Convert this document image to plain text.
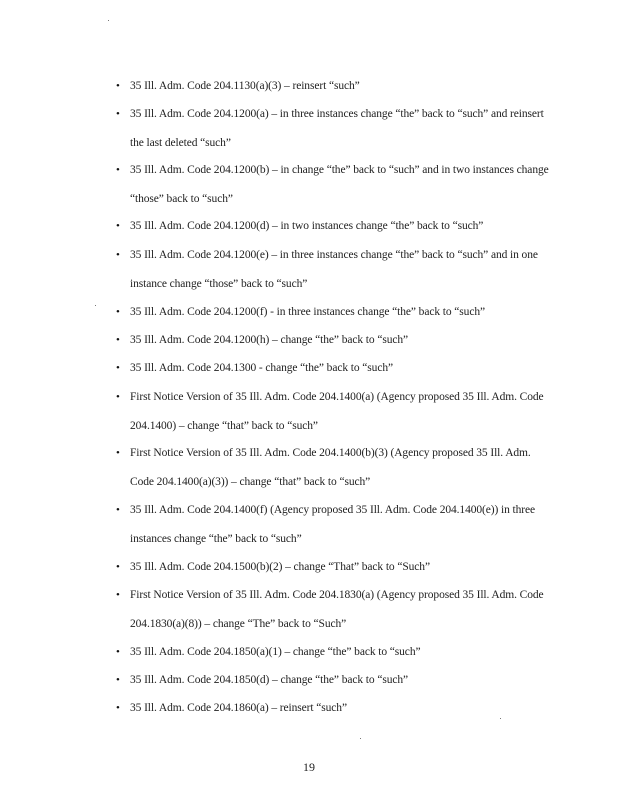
• 35 Ill. Adm. Code 204.1130(a)(3) – reinsert “such”
• 35 Ill. Adm. Code 204.1200(a) – in three instances change “the” back to “such” and reinsert the last deleted “such”
• 35 Ill. Adm. Code 204.1200(b) – in change “the” back to “such” and in two instances change “those” back to “such”
• 35 Ill. Adm. Code 204.1200(d) – in two instances change “the” back to “such”
• 35 Ill. Adm. Code 204.1200(e) – in three instances change “the” back to “such” and in one instance change “those” back to “such”
• 35 Ill. Adm. Code 204.1200(f) - in three instances change “the” back to “such”
• 35 Ill. Adm. Code 204.1200(h) – change “the” back to “such”
• 35 Ill. Adm. Code 204.1300 - change “the” back to “such”
• First Notice Version of 35 Ill. Adm. Code 204.1400(a) (Agency proposed 35 Ill. Adm. Code 204.1400) – change “that” back to “such”
• First Notice Version of 35 Ill. Adm. Code 204.1400(b)(3) (Agency proposed 35 Ill. Adm. Code 204.1400(a)(3)) – change “that” back to “such”
• 35 Ill. Adm. Code 204.1400(f) (Agency proposed 35 Ill. Adm. Code 204.1400(e)) in three instances change “the” back to “such”
• 35 Ill. Adm. Code 204.1500(b)(2) – change “That” back to “Such”
• First Notice Version of 35 Ill. Adm. Code 204.1830(a) (Agency proposed 35 Ill. Adm. Code 204.1830(a)(8)) – change “The” back to “Such”
• 35 Ill. Adm. Code 204.1850(a)(1) – change “the” back to “such”
• 35 Ill. Adm. Code 204.1850(d) – change “the” back to “such”
• 35 Ill. Adm. Code 204.1860(a) – reinsert “such”
19
